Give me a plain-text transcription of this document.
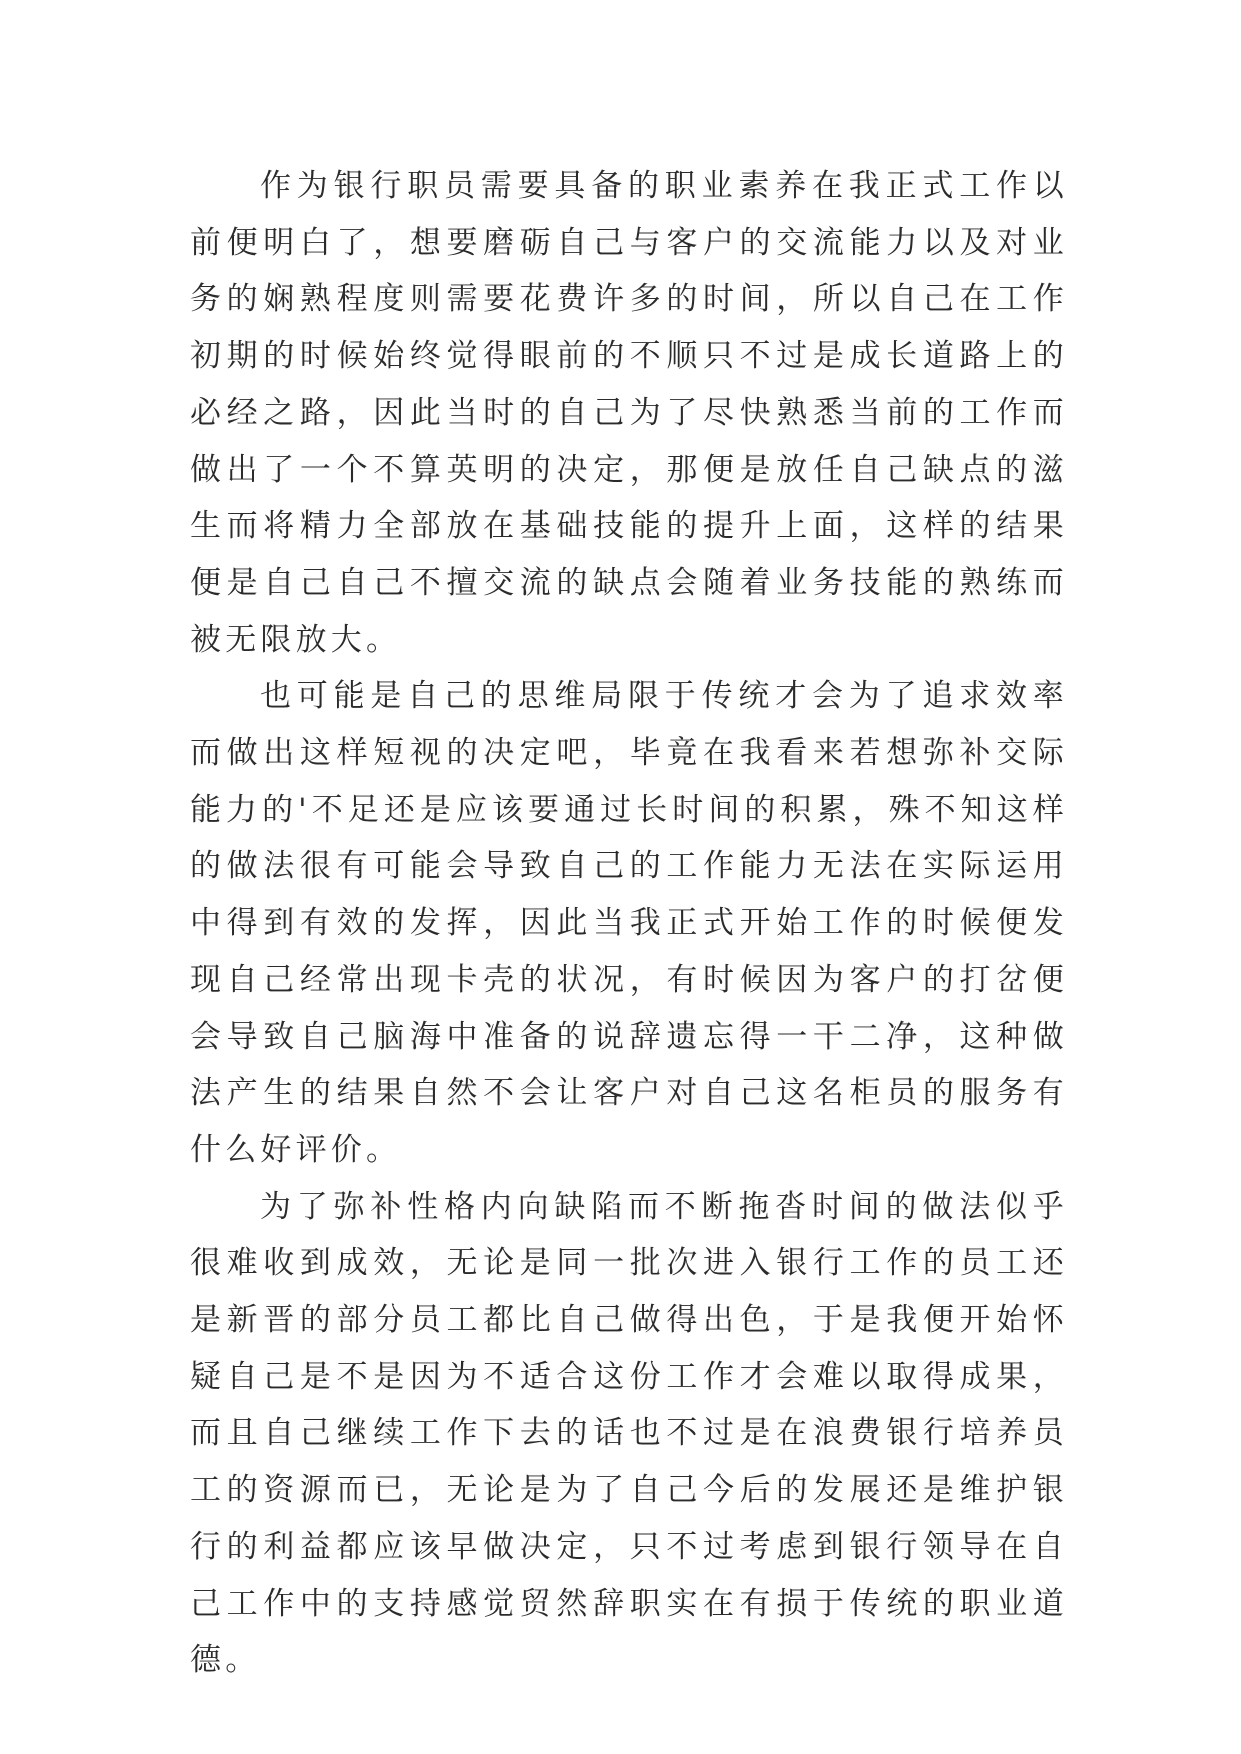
作为银行职员需要具备的职业素养在我正式工作以前便明白了，想要磨砺自己与客户的交流能力以及对业务的娴熟程度则需要花费许多的时间，所以自己在工作初期的时候始终觉得眼前的不顺只不过是成长道路上的必经之路，因此当时的自己为了尽快熟悉当前的工作而做出了一个不算英明的决定，那便是放任自己缺点的滋生而将精力全部放在基础技能的提升上面，这样的结果便是自己自己不擅交流的缺点会随着业务技能的熟练而被无限放大。

也可能是自己的思维局限于传统才会为了追求效率而做出这样短视的决定吧，毕竟在我看来若想弥补交际能力的'不足还是应该要通过长时间的积累，殊不知这样的做法很有可能会导致自己的工作能力无法在实际运用中得到有效的发挥，因此当我正式开始工作的时候便发现自己经常出现卡壳的状况，有时候因为客户的打岔便会导致自己脑海中准备的说辞遗忘得一干二净，这种做法产生的结果自然不会让客户对自己这名柜员的服务有什么好评价。

为了弥补性格内向缺陷而不断拖沓时间的做法似乎很难收到成效，无论是同一批次进入银行工作的员工还是新晋的部分员工都比自己做得出色，于是我便开始怀疑自己是不是因为不适合这份工作才会难以取得成果，而且自己继续工作下去的话也不过是在浪费银行培养员工的资源而已，无论是为了自己今后的发展还是维护银行的利益都应该早做决定，只不过考虑到银行领导在自己工作中的支持感觉贸然辞职实在有损于传统的职业道德。
